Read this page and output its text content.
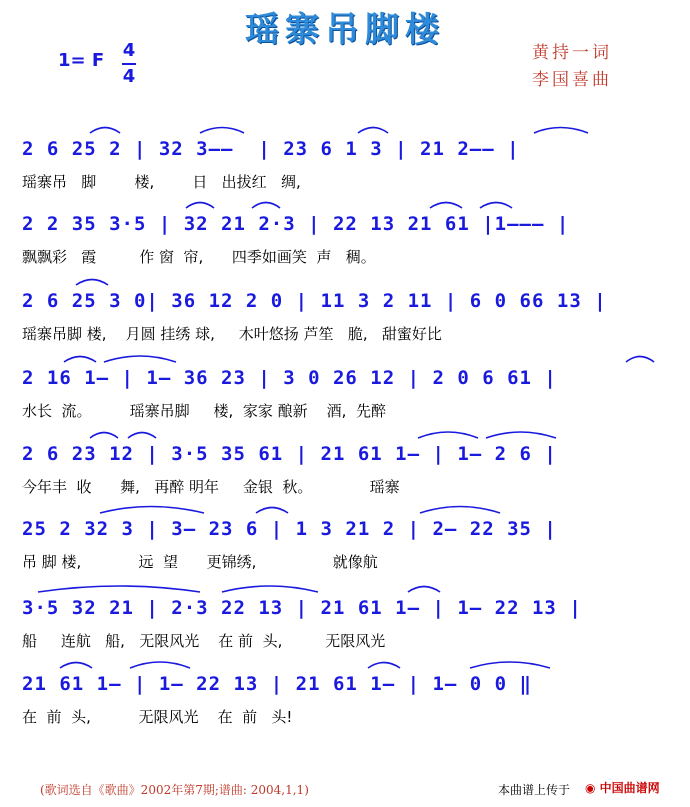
瑶寨吊脚楼
1= F 4
4
黄持一词
李国喜曲
2 6 25 2 | 32 3——  | 23 6 1 3 | 21 2—— |
瑶寨吊   脚        楼,        日   出拔红   绸,
2 2 35 3·5 | 32 21 2·3 | 22 13 21 61 |1——— |
飘飘彩   霞         作 窗  帘,      四季如画笑  声   稠。
2 6 25 3 0| 36 12 2 0 | 11 3 2 11 | 6 0 66 13 |
瑶寨吊脚 楼,    月圆 挂绣 球,     木叶悠扬 芦笙   脆,   甜蜜好比
2 16 1— | 1— 36 23 | 3 0 26 12 | 2 0 6 61 |
水长  流。        瑶寨吊脚     楼,  家家 酿新    酒,  先醉
2 6 23 12 | 3·5 35 61 | 21 61 1— | 1— 2 6 |
今年丰  收      舞,   再醉 明年     金银  秋。            瑶寨
25 2 32 3 | 3— 23 6 | 1 3 21 2 | 2— 22 35 |
吊 脚 楼,            远  望      更锦绣,                就像航
3·5 32 21 | 2·3 22 13 | 21 61 1— | 1— 22 13 |
船     连航   船,   无限风光    在 前  头,         无限风光
21 61 1— | 1— 22 13 | 21 61 1— | 1— 0 0 ‖
在  前  头,          无限风光    在  前   头!
(歌词选自《歌曲》2002年第7期;谱曲: 2004,1,1)	本曲谱上传于 ◉ 中国曲谱网
